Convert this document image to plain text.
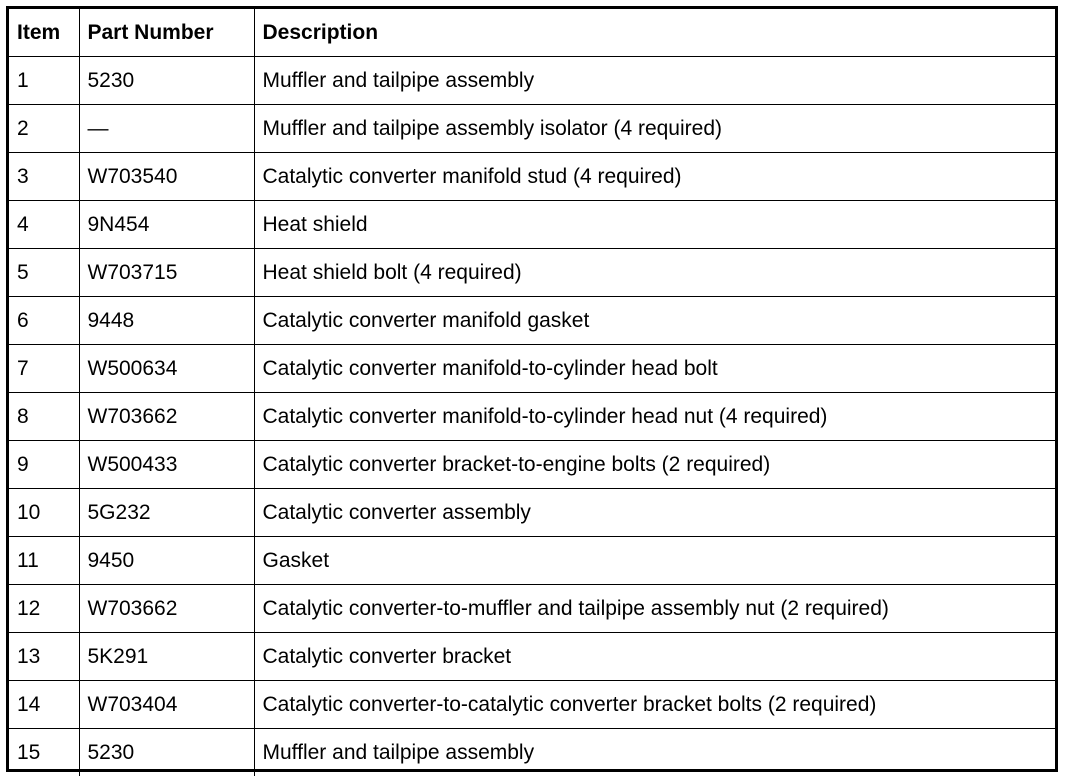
Item	Part Number	Description
1	5230	Muffler and tailpipe assembly
2	—	Muffler and tailpipe assembly isolator (4 required)
3	W703540	Catalytic converter manifold stud (4 required)
4	9N454	Heat shield
5	W703715	Heat shield bolt (4 required)
6	9448	Catalytic converter manifold gasket
7	W500634	Catalytic converter manifold-to-cylinder head bolt
8	W703662	Catalytic converter manifold-to-cylinder head nut (4 required)
9	W500433	Catalytic converter bracket-to-engine bolts (2 required)
10	5G232	Catalytic converter assembly
11	9450	Gasket
12	W703662	Catalytic converter-to-muffler and tailpipe assembly nut (2 required)
13	5K291	Catalytic converter bracket
14	W703404	Catalytic converter-to-catalytic converter bracket bolts (2 required)
15	5230	Muffler and tailpipe assembly
